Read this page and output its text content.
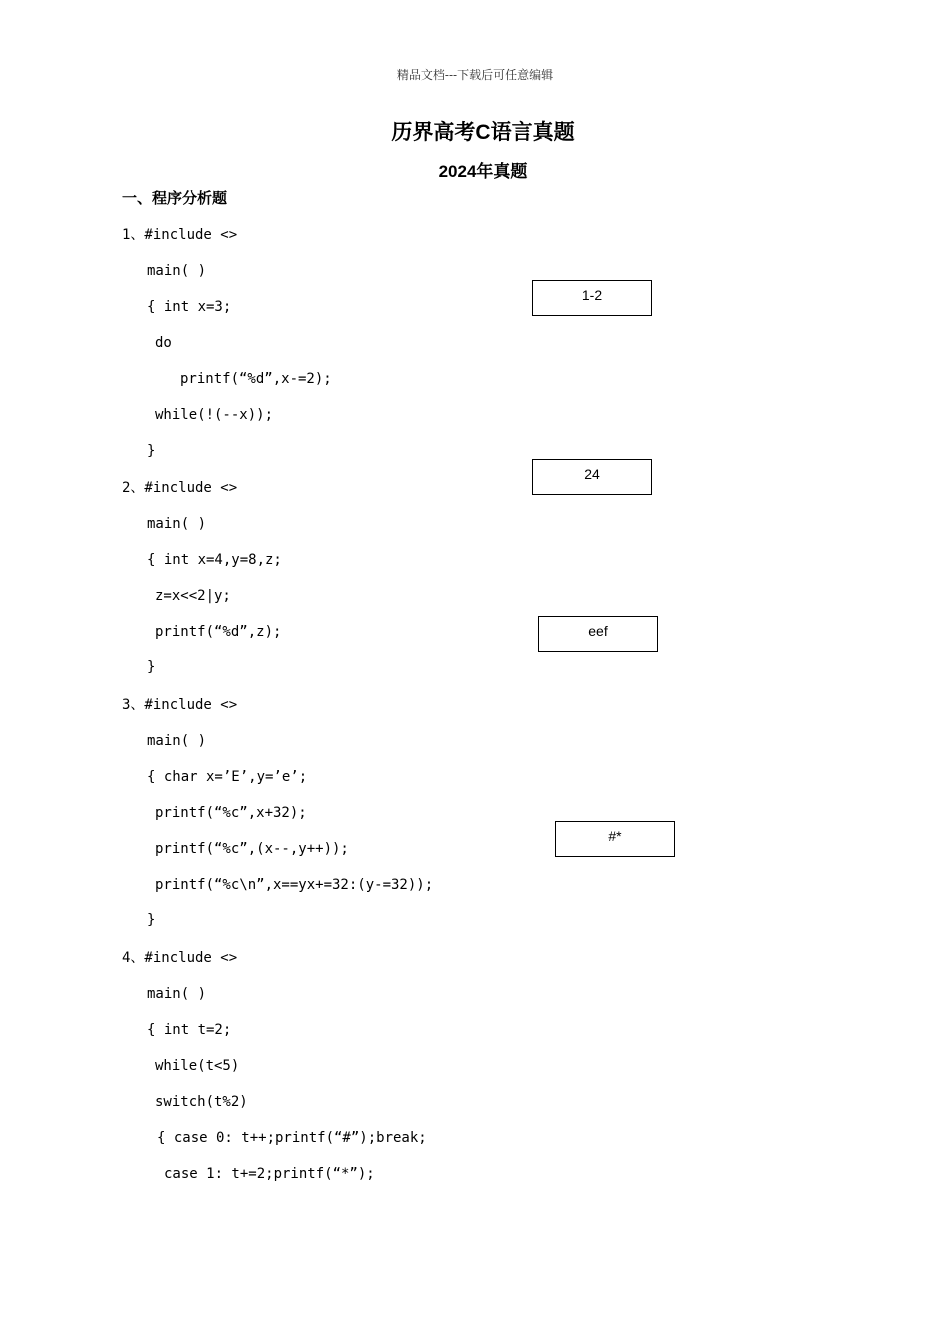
精品文档---下载后可任意编辑
历界高考C语言真题
2024年真题
一、程序分析题
1、#include <>
main( )
{ int x=3;
do
printf(“%d”,x-=2);
while(!(--x));
}
2、#include <>
main( )
{ int x=4,y=8,z;
z=x<<2|y;
printf(“%d”,z);
}
3、#include <>
main( )
{ char x=’E’,y=’e’;
printf(“%c”,x+32);
printf(“%c”,(x--,y++));
printf(“%c\n”,x==yx+=32:(y-=32));
}
4、#include <>
main( )
{ int t=2;
while(t<5)
switch(t%2)
{ case 0: t++;printf(“#”);break;
case 1: t+=2;printf(“*”);
1-2
24
eef
#*
